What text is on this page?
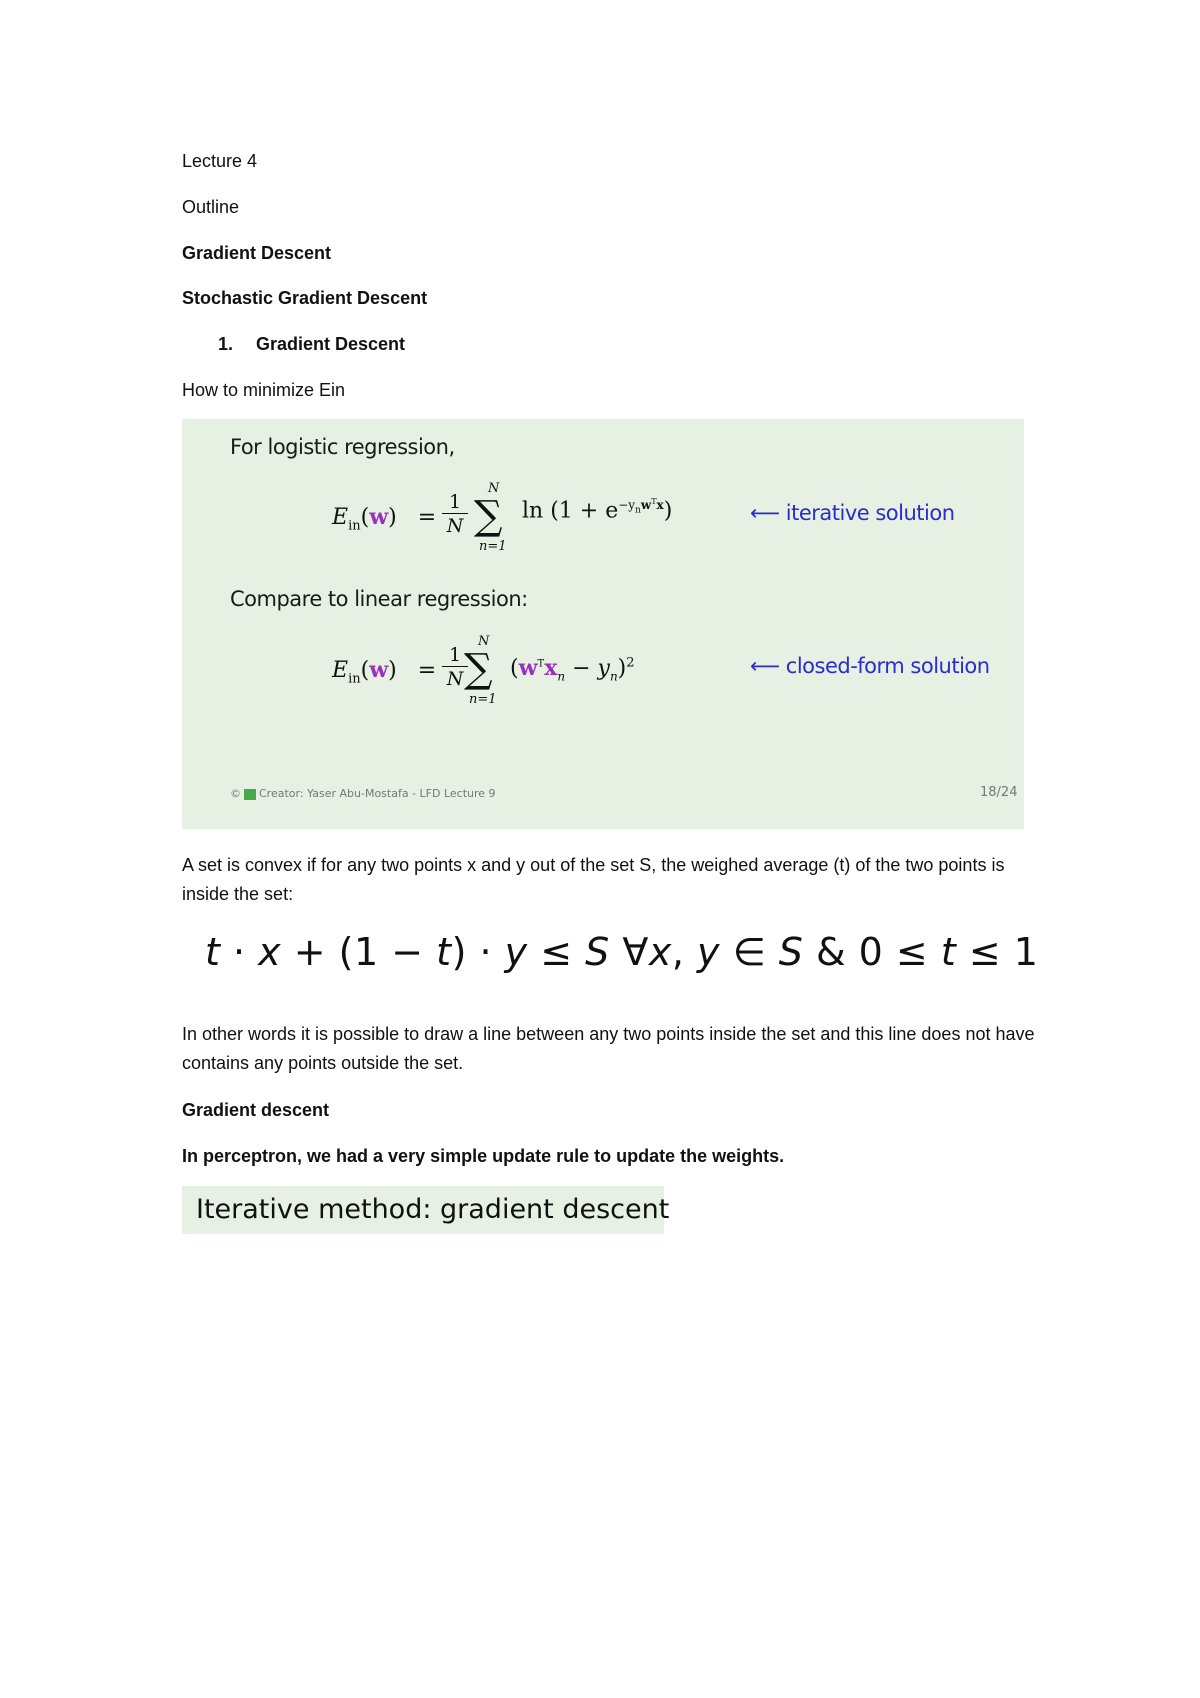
Lecture 4
Outline
Gradient Descent
Stochastic Gradient Descent
1. Gradient Descent
How to minimize Ein
For logistic regression,
$E_{in}(w) = \frac{1}{N}$
N
∑
n=1
$\ln (1 + e^{-y_nw^Tx})$	⟵ iterative solution
Compare to linear regression:
$E_{in}(w) = \frac{1}{N}$
N
∑
n=1
$(w^Tx_n - y_n)^2$	⟵ closed-form solution
© Creator: Yaser Abu-Mostafa - LFD Lecture 9	18/24
A set is convex if for any two points x and y out of the set S, the weighed average (t) of the two points is inside the set:
t · x + (1 − t) · y ≤ S ∀x, y ∈ S & 0 ≤ t ≤ 1
In other words it is possible to draw a line between any two points inside the set and this line does not have contains any points outside the set.
Gradient descent
In perceptron, we had a very simple update rule to update the weights.
Iterative method: gradient descent
